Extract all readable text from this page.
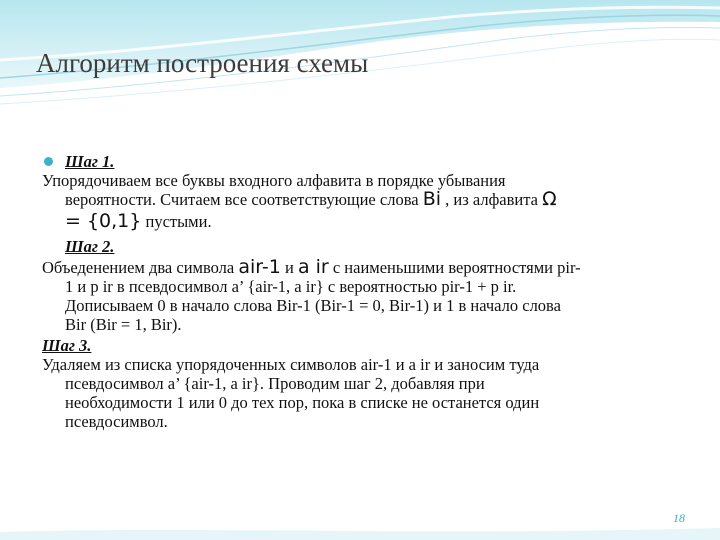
Алгоритм построения схемы
Шаг 1.
Упорядочиваем все буквы входного алфавита в порядке убывания
вероятности. Считаем все соответствующие слова Bi , из алфавита Ω
= {0,1} пустыми.
Шаг 2.
Объеденением два символа air-1 и a ir с наименьшими вероятностями pir-
1 и p ir в псевдосимвол a’ {air-1, a ir} с вероятностью pir-1 + p ir.
Дописываем 0 в начало слова Bir-1 (Bir-1 = 0, Bir-1) и 1 в начало слова
Bir (Bir = 1, Bir).
Шаг 3.
Удаляем из списка упорядоченных символов air-1 и a ir и заносим туда
псевдосимвол a’ {air-1, a ir}. Проводим шаг 2, добавляя при
необходимости 1 или 0 до тех пор, пока в списке не останется один
псевдосимвол.
18
